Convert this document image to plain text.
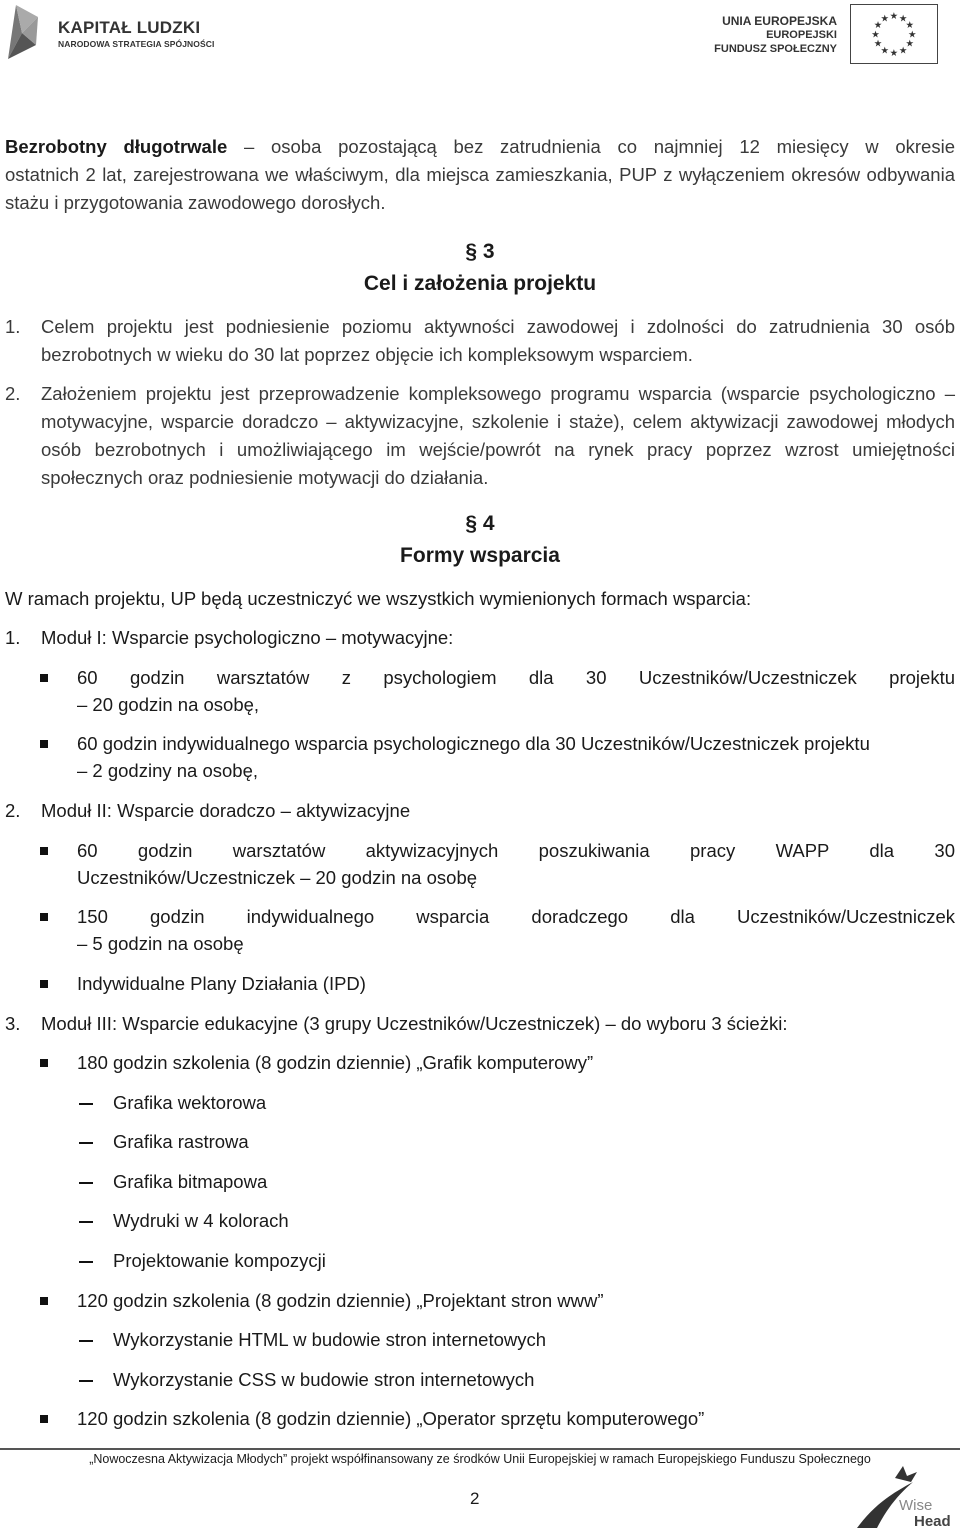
KAPITAŁ LUDZKI
NARODOWA STRATEGIA SPÓJNOŚCI
UNIA EUROPEJSKA
EUROPEJSKI
FUNDUSZ SPOŁECZNY
★ ★
★
★
★
★
★
★
★
★
★
★
Bezrobotny długotrwale – osoba pozostającą bez zatrudnienia co najmniej 12 miesięcy w okresie
ostatnich 2 lat, zarejestrowana we właściwym, dla miejsca zamieszkania, PUP z wyłączeniem okresów odbywania stażu i przygotowania zawodowego dorosłych.
§ 3
Cel i założenia projektu
1. Celem projektu jest podniesienie poziomu aktywności zawodowej i zdolności do zatrudnienia 30 osób bezrobotnych w wieku do 30 lat poprzez objęcie ich kompleksowym wsparciem.
2. Założeniem projektu jest przeprowadzenie kompleksowego programu wsparcia (wsparcie psychologiczno – motywacyjne, wsparcie doradczo – aktywizacyjne, szkolenie i staże), celem aktywizacji zawodowej młodych osób bezrobotnych i umożliwiającego im wejście/powrót na rynek pracy poprzez wzrost umiejętności społecznych oraz podniesienie motywacji do działania.
§ 4
Formy wsparcia
W ramach projektu, UP będą uczestniczyć we wszystkich wymienionych formach wsparcia:
1. Moduł I: Wsparcie psychologiczno – motywacyjne:
60 godzin warsztatów z psychologiem dla 30 Uczestników/Uczestniczek projektu
– 20 godzin na osobę,
60 godzin indywidualnego wsparcia psychologicznego dla 30 Uczestników/Uczestniczek projektu
– 2 godziny na osobę,
2. Moduł II: Wsparcie doradczo – aktywizacyjne
60 godzin warsztatów aktywizacyjnych poszukiwania pracy WAPP dla 30
Uczestników/Uczestniczek – 20 godzin na osobę
150 godzin indywidualnego wsparcia doradczego dla Uczestników/Uczestniczek
– 5 godzin na osobę
Indywidualne Plany Działania (IPD)
3. Moduł III: Wsparcie edukacyjne (3 grupy Uczestników/Uczestniczek) – do wyboru 3 ścieżki:
180 godzin szkolenia (8 godzin dziennie) „Grafik komputerowy”
Grafika wektorowa
Grafika rastrowa
Grafika bitmapowa
Wydruki w 4 kolorach
Projektowanie kompozycji
120 godzin szkolenia (8 godzin dziennie) „Projektant stron www”
Wykorzystanie HTML w budowie stron internetowych
Wykorzystanie CSS w budowie stron internetowych
120 godzin szkolenia (8 godzin dziennie) „Operator sprzętu komputerowego”
„Nowoczesna Aktywizacja Młodych” projekt współfinansowany ze środków Unii Europejskiej w ramach Europejskiego Funduszu Społecznego
2	Wise
Head
